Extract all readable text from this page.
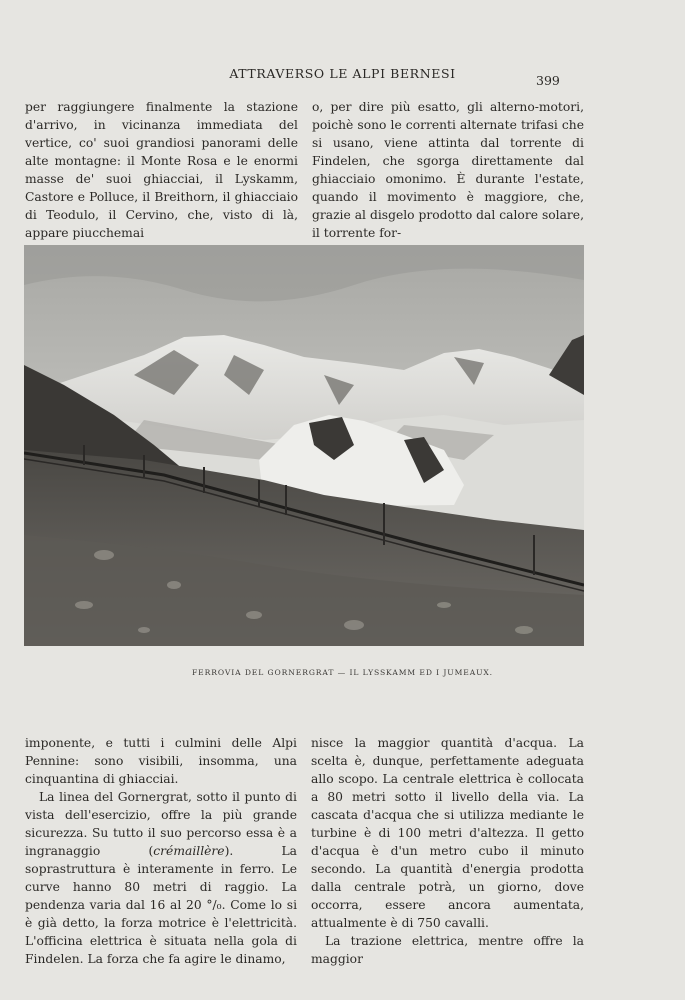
ATTRAVERSO LE ALPI BERNESI	399

per raggiungere finalmente la stazione d'arrivo, in vicinanza immediata del vertice, co' suoi grandiosi panorami delle alte montagne: il Monte Rosa e le enormi masse de' suoi ghiacciai, il Lyskamm, Castore e Polluce, il Breithorn, il ghiacciaio di Teodulo, il Cervino, che, visto di là, appare piucchemai

o, per dire più esatto, gli alterno-motori, poichè sono le correnti alternate trifasi che si usano, viene attinta dal torrente di Findelen, che sgorga direttamente dal ghiacciaio omonimo. È durante l'estate, quando il movimento è maggiore, che, grazie al disgelo prodotto dal calore solare, il torrente for-

FERROVIA DEL GORNERGRAT — IL LYSSKAMM ED I JUMEAUX.

imponente, e tutti i culmini delle Alpi Pennine: sono visibili, insomma, una cinquantina di ghiacciai.

La linea del Gornergrat, sotto il punto di vista dell'esercizio, offre la più grande sicurezza. Su tutto il suo percorso essa è a ingranaggio (crémaillère). La soprastruttura è interamente in ferro. Le curve hanno 80 metri di raggio. La pendenza varia dal 16 al 20 °/₀. Come lo si è già detto, la forza motrice è l'elettricità. L'officina elettrica è situata nella gola di Findelen. La forza che fa agire le dinamo,

nisce la maggior quantità d'acqua. La scelta è, dunque, perfettamente adeguata allo scopo. La centrale elettrica è collocata a 80 metri sotto il livello della via. La cascata d'acqua che si utilizza mediante le turbine è di 100 metri d'altezza. Il getto d'acqua è d'un metro cubo il minuto secondo. La quantità d'energia prodotta dalla centrale potrà, un giorno, dove occorra, essere ancora aumentata, attualmente è di 750 cavalli.

La trazione elettrica, mentre offre la maggior
